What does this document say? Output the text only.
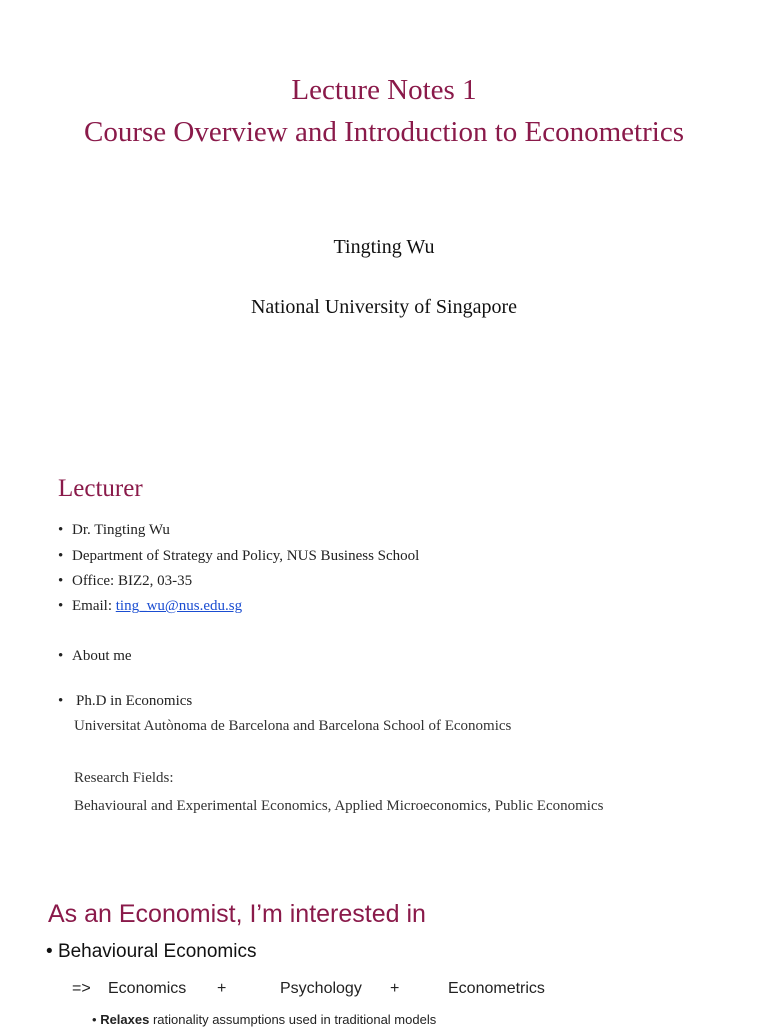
Lecture Notes 1
Course Overview and Introduction to Econometrics
Tingting Wu
National University of Singapore
Lecturer
• Dr. Tingting Wu
• Department of Strategy and Policy, NUS Business School
• Office: BIZ2, 03-35
• Email: ting_wu@nus.edu.sg
• About me
• Ph.D in Economics
Universitat Autònoma de Barcelona and Barcelona School of Economics
Research Fields:
Behavioural and Experimental Economics, Applied Microeconomics, Public Economics
As an Economist, I’m interested in
• Behavioural Economics
=> Economics +	Psychology +	Econometrics
• Relaxes rationality assumptions used in traditional models
